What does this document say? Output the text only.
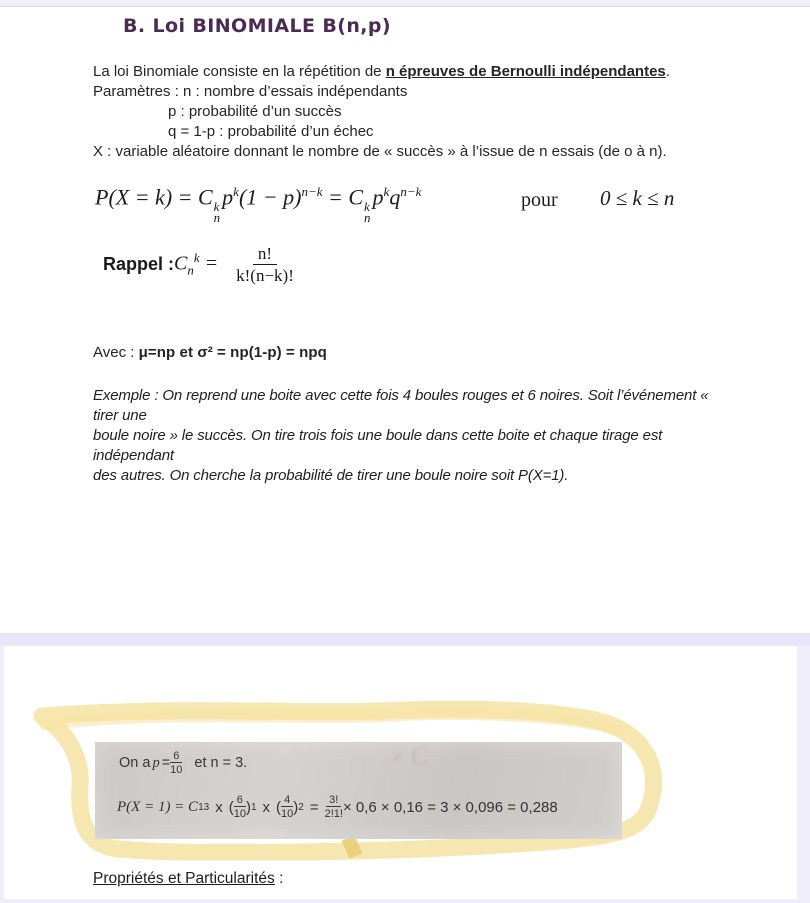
B. Loi BINOMIALE B(n,p)
La loi Binomiale consiste en la répétition de n épreuves de Bernoulli indépendantes.
Paramètres : n : nombre d’essais indépendants
p : probabilité d’un succès
q = 1-p : probabilité d’un échec
X : variable aléatoire donnant le nombre de « succès » à l’issue de n essais (de o à n).
P(X = k) = C k
n
$p^k(1 - p)^{n-k} = C$ k
n
$p^kq^{n-k}$	pour 0 ≤ k ≤ n
Rappel : $C_n^k = \frac{n!}{k!(n-k)!}$
Avec : μ=np et σ² = np(1-p) = npq
Exemple : On reprend une boite avec cette fois 4 boules rouges et 6 noires. Soit l’événement «
tirer une
boule noire » le succès. On tire trois fois une boule dans cette boite et chaque tirage est
indépendant
des autres. On cherche la probabilité de tirer une boule noire soit P(X=1).
× C
On a $p = \frac{6}{10}$ et n = 3.
P(X = 1) = C 1 3 x ( $\frac{6}{10}$ ) 1 x ( $\frac{4}{10}$ ) $2 = \frac{3!}{2!1!} \times 0,6 \times 0,16 = 3 \times 0,096 = 0,288$
Propriétés et Particularités :
